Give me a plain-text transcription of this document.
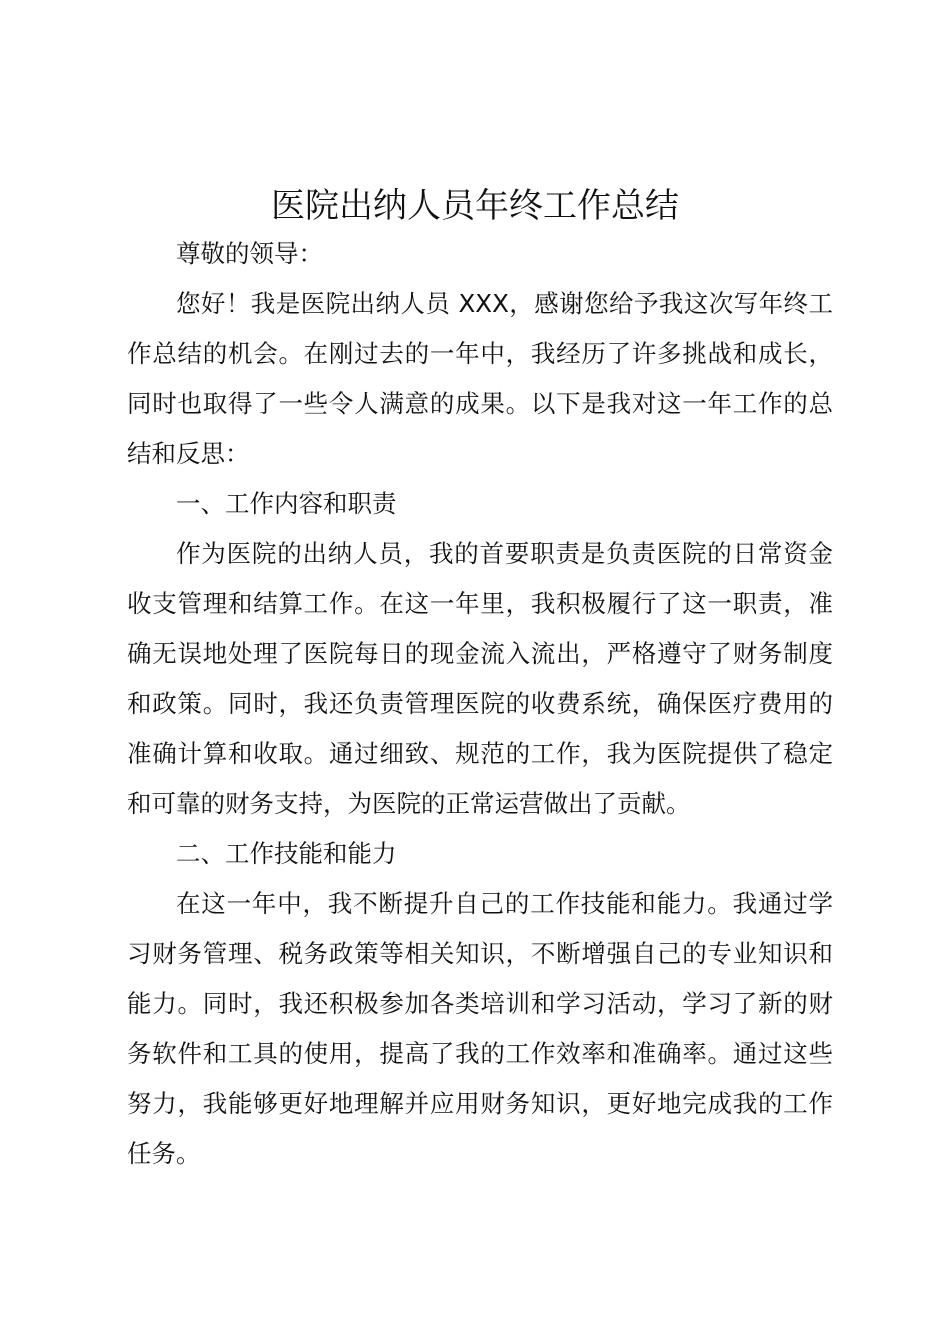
医院出纳人员年终工作总结

尊敬的领导：

您好！我是医院出纳人员 XXX，感谢您给予我这次写年终工作总结的机会。在刚过去的一年中，我经历了许多挑战和成长，同时也取得了一些令人满意的成果。以下是我对这一年工作的总结和反思：

一、工作内容和职责

作为医院的出纳人员，我的首要职责是负责医院的日常资金收支管理和结算工作。在这一年里，我积极履行了这一职责，准确无误地处理了医院每日的现金流入流出，严格遵守了财务制度和政策。同时，我还负责管理医院的收费系统，确保医疗费用的准确计算和收取。通过细致、规范的工作，我为医院提供了稳定和可靠的财务支持，为医院的正常运营做出了贡献。

二、工作技能和能力

在这一年中，我不断提升自己的工作技能和能力。我通过学习财务管理、税务政策等相关知识，不断增强自己的专业知识和能力。同时，我还积极参加各类培训和学习活动，学习了新的财务软件和工具的使用，提高了我的工作效率和准确率。通过这些努力，我能够更好地理解并应用财务知识，更好地完成我的工作任务。
